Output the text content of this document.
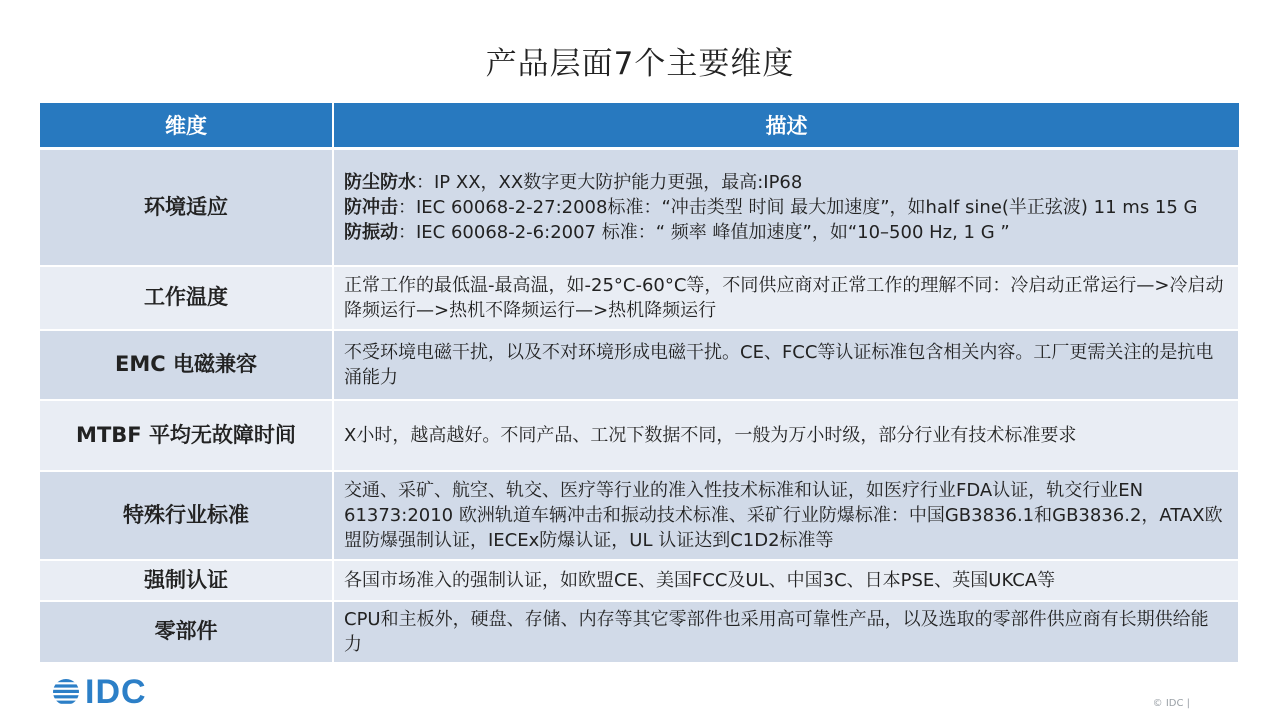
产品层面7个主要维度
维度	描述
环境适应	防尘防水：IP XX，XX数字更大防护能力更强，最高:IP68
防冲击：IEC 60068-2-27:2008标准：“冲击类型 时间 最大加速度”，如half sine(半正弦波) 11 ms 15 G
防振动：IEC 60068-2-6:2007 标准：“ 频率 峰值加速度”，如“10–500 Hz, 1 G ”

工作温度	正常工作的最低温-最高温，如-25°C-60°C等，不同供应商对正常工作的理解不同：冷启动正常运行—>冷启动降频运行—>热机不降频运行—>热机降频运行

EMC 电磁兼容	不受环境电磁干扰，以及不对环境形成电磁干扰。CE、FCC等认证标准包含相关内容。工厂更需关注的是抗电涌能力

MTBF 平均无故障时间	X小时，越高越好。不同产品、工况下数据不同，一般为万小时级，部分行业有技术标准要求

特殊行业标准	交通、采矿、航空、轨交、医疗等行业的准入性技术标准和认证，如医疗行业FDA认证，轨交行业EN 61373:2010 欧洲轨道车辆冲击和振动技术标准、采矿行业防爆标准：中国GB3836.1和GB3836.2，ATAX欧盟防爆强制认证，IECEx防爆认证，UL 认证达到C1D2标准等

强制认证	各国市场准入的强制认证，如欧盟CE、美国FCC及UL、中国3C、日本PSE、英国UKCA等

零部件	CPU和主板外，硬盘、存储、内存等其它零部件也采用高可靠性产品，以及选取的零部件供应商有长期供给能力
IDC	© IDC |
